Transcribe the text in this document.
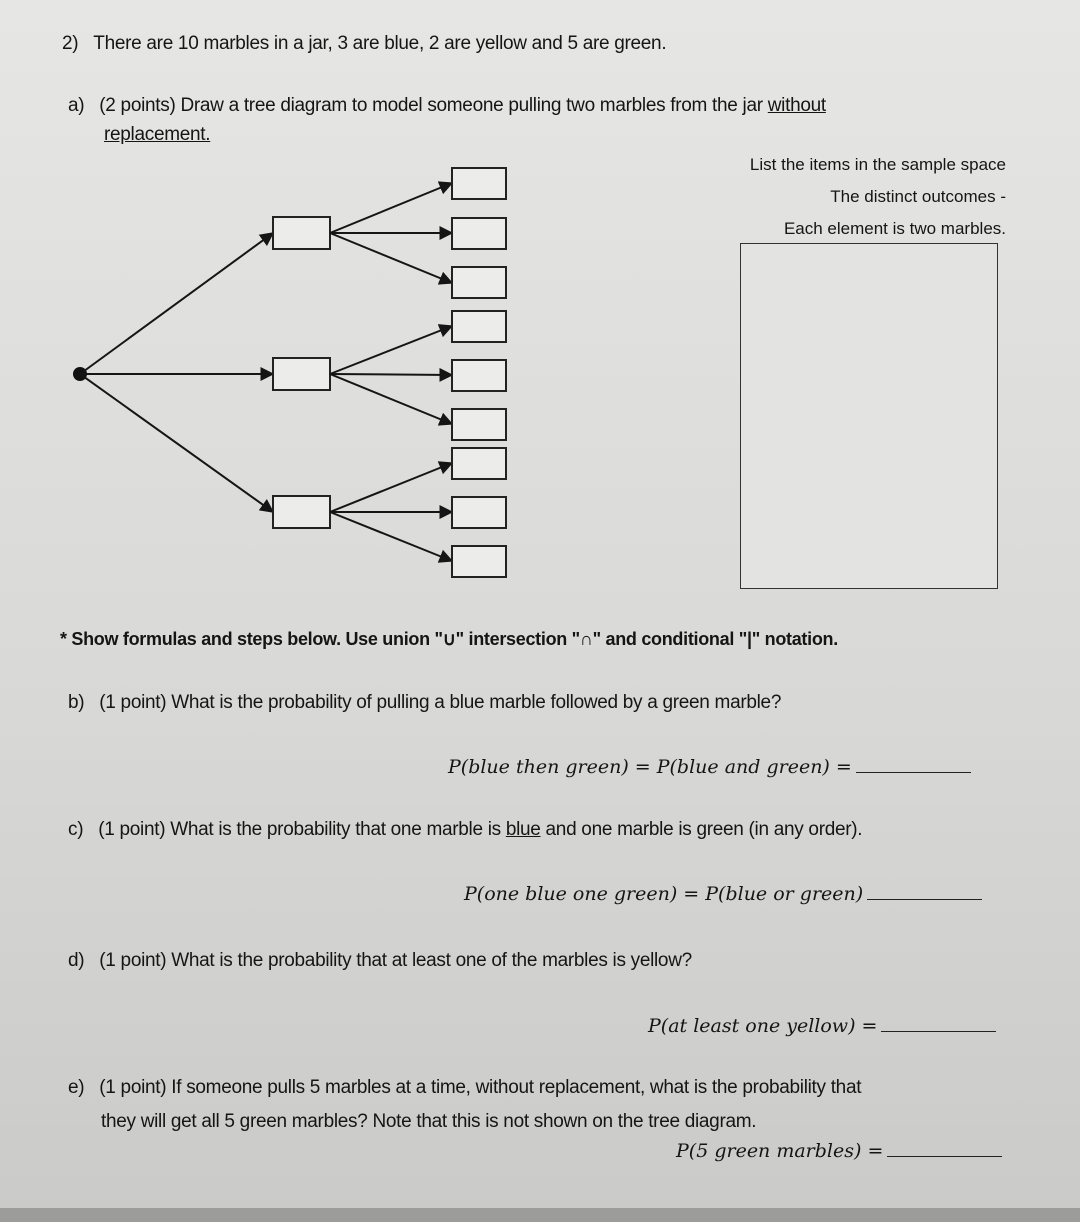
2) There are 10 marbles in a jar, 3 are blue, 2 are yellow and 5 are green.
a) (2 points) Draw a tree diagram to model someone pulling two marbles from the jar without
replacement.
List the items in the sample space
The distinct outcomes -
Each element is two marbles.
* Show formulas and steps below. Use union "∪" intersection "∩" and conditional "|" notation.
b) (1 point) What is the probability of pulling a blue marble followed by a green marble?
P(blue then green) = P(blue and green) =
c) (1 point) What is the probability that one marble is blue and one marble is green (in any order).
P(one blue one green) = P(blue or green)
d) (1 point) What is the probability that at least one of the marbles is yellow?
P(at least one yellow) =
e) (1 point) If someone pulls 5 marbles at a time, without replacement, what is the probability that
they will get all 5 green marbles? Note that this is not shown on the tree diagram.
P(5 green marbles) =
